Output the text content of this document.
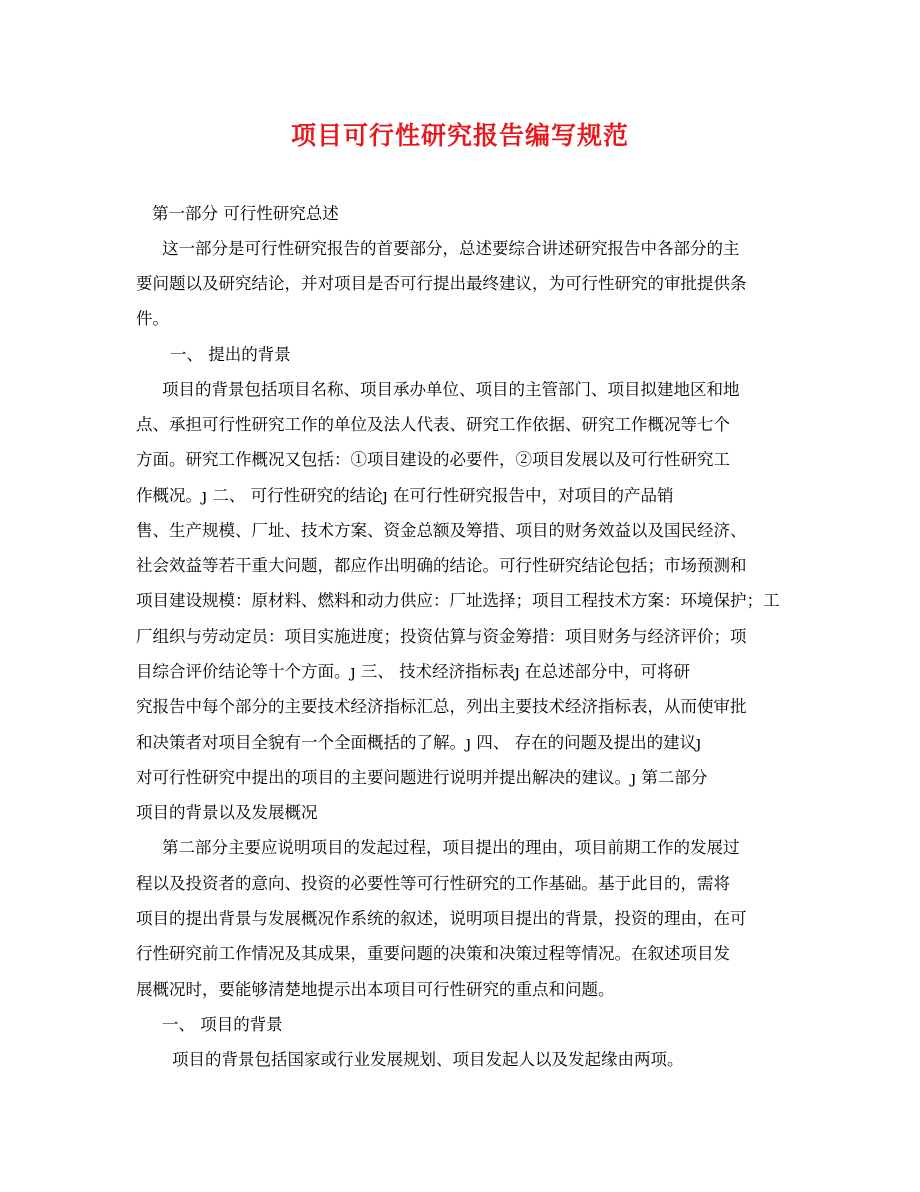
项目可行性研究报告编写规范
第一部分 可行性研究总述
这一部分是可行性研究报告的首要部分，总述要综合讲述研究报告中各部分的主
要问题以及研究结论，并对项目是否可行提出最终建议，为可行性研究的审批提供条
件。
一、 提出的背景
项目的背景包括项目名称、项目承办单位、项目的主管部门、项目拟建地区和地
点、承担可行性研究工作的单位及法人代表、研究工作依据、研究工作概况等七个
方面。研究工作概况又包括：①项目建设的必要件，②项目发展以及可行性研究工
作概况。ȷ 二、 可行性研究的结论ȷ 在可行性研究报告中，对项目的产品销
售、生产规模、厂址、技术方案、资金总额及筹措、项目的财务效益以及国民经济、
社会效益等若干重大问题，都应作出明确的结论。可行性研究结论包括；市场预测和
项目建设规模：原材料、燃料和动力供应：厂址选择；项目工程技术方案：环境保护；工
厂组织与劳动定员：项目实施进度；投资估算与资金筹措：项目财务与经济评价；项
目综合评价结论等十个方面。ȷ 三、 技术经济指标表ȷ 在总述部分中，可将研
究报告中每个部分的主要技术经济指标汇总，列出主要技术经济指标表，从而使审批
和决策者对项目全貌有一个全面概括的了解。ȷ 四、 存在的问题及提出的建议ȷ
对可行性研究中提出的项目的主要问题进行说明并提出解决的建议。ȷ 第二部分
项目的背景以及发展概况
第二部分主要应说明项目的发起过程，项目提出的理由，项目前期工作的发展过
程以及投资者的意向、投资的必要性等可行性研究的工作基础。基于此目的，需将
项目的提出背景与发展概况作系统的叙述，说明项目提出的背景，投资的理由，在可
行性研究前工作情况及其成果，重要问题的决策和决策过程等情况。在叙述项目发
展概况时，要能够清楚地提示出本项目可行性研究的重点和问题。
一、 项目的背景
项目的背景包括国家或行业发展规划、项目发起人以及发起缘由两项。
